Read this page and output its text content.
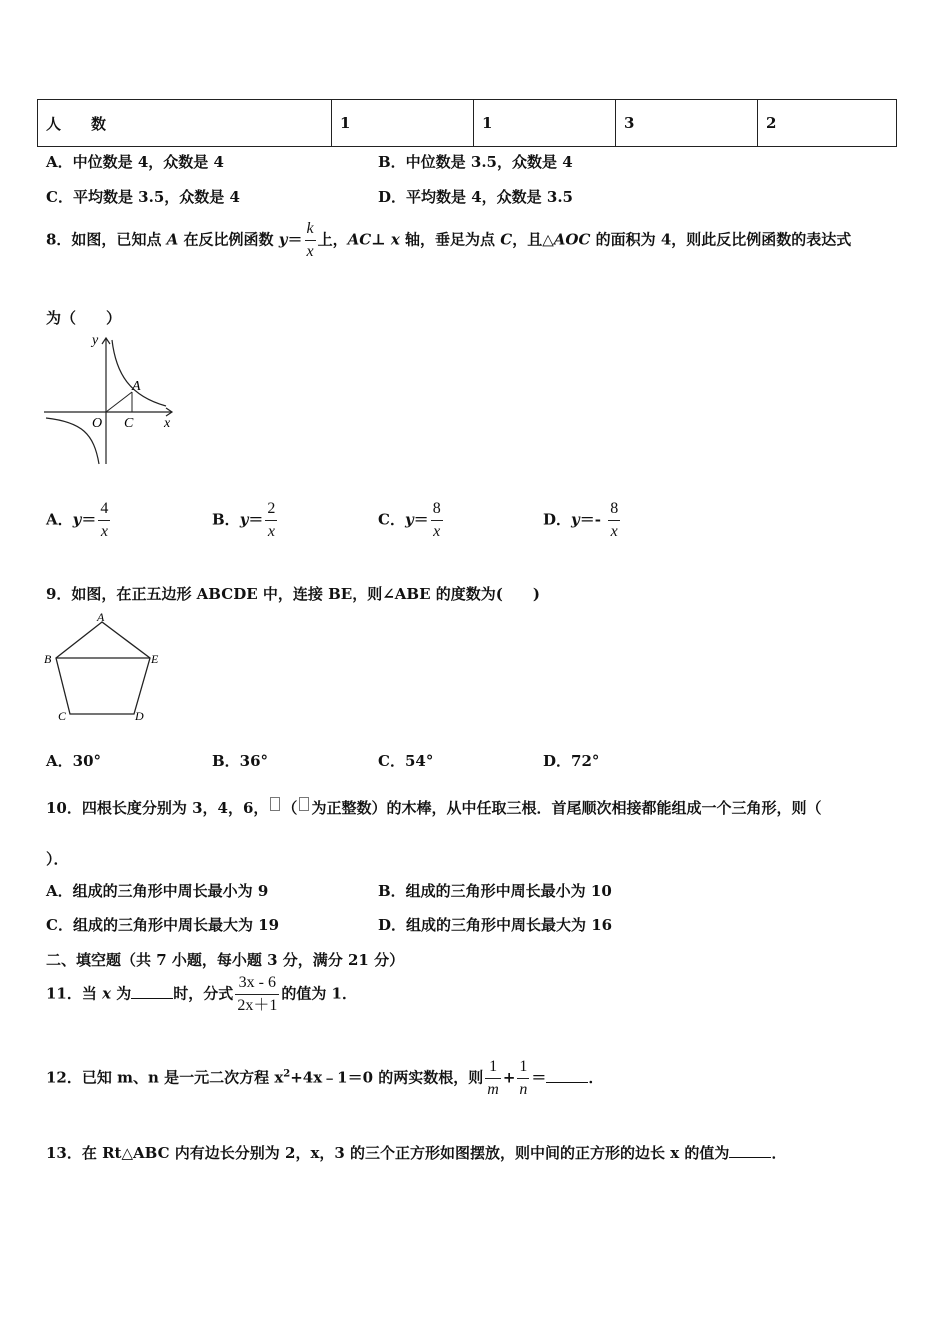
人　　数	1	1	3	2
A．中位数是 4，众数是 4	B．中位数是 3.5，众数是 4
C．平均数是 3.5，众数是 4	D．平均数是 4，众数是 3.5
8．如图，已知点 A 在反比例函数 $y= \frac{k}{x}$ 上，AC⊥ x 轴，垂足为点 C，且△AOC 的面积为 4，则此反比例函数的表达式
为（　　）
y
O C x
A
A．$y= \frac{4}{x}$	B．$y= \frac{2}{x}$	C．$y= \frac{8}{x}$	D．$y=- \frac{8}{x}$
9．如图，在正五边形 ABCDE 中，连接 BE，则∠ABE 的度数为(　　)
A
B	E
C	D
A．30°	B．36°	C．54°	D．72°
10．四根长度分别为 3，4，6， （ 为正整数）的木棒，从中任取三根．首尾顺次相接都能组成一个三角形，则（
）．
A．组成的三角形中周长最小为 9	B．组成的三角形中周长最小为 10
C．组成的三角形中周长最大为 19	D．组成的三角形中周长最大为 16
二、填空题（共 7 小题，每小题 3 分，满分 21 分）
11．当 x 为	时，分式 $\frac{3x - 6}{2x+1}$ 的值为 1．
12．已知 m、n 是一元二次方程 $x^2+4x﹣1=0$ 的两实数根，则 $\frac{1}{m} + \frac{1}{n}$ ＝	．
13．在 Rt△ABC 内有边长分别为 2，x，3 的三个正方形如图摆放，则中间的正方形的边长 x 的值为	．
